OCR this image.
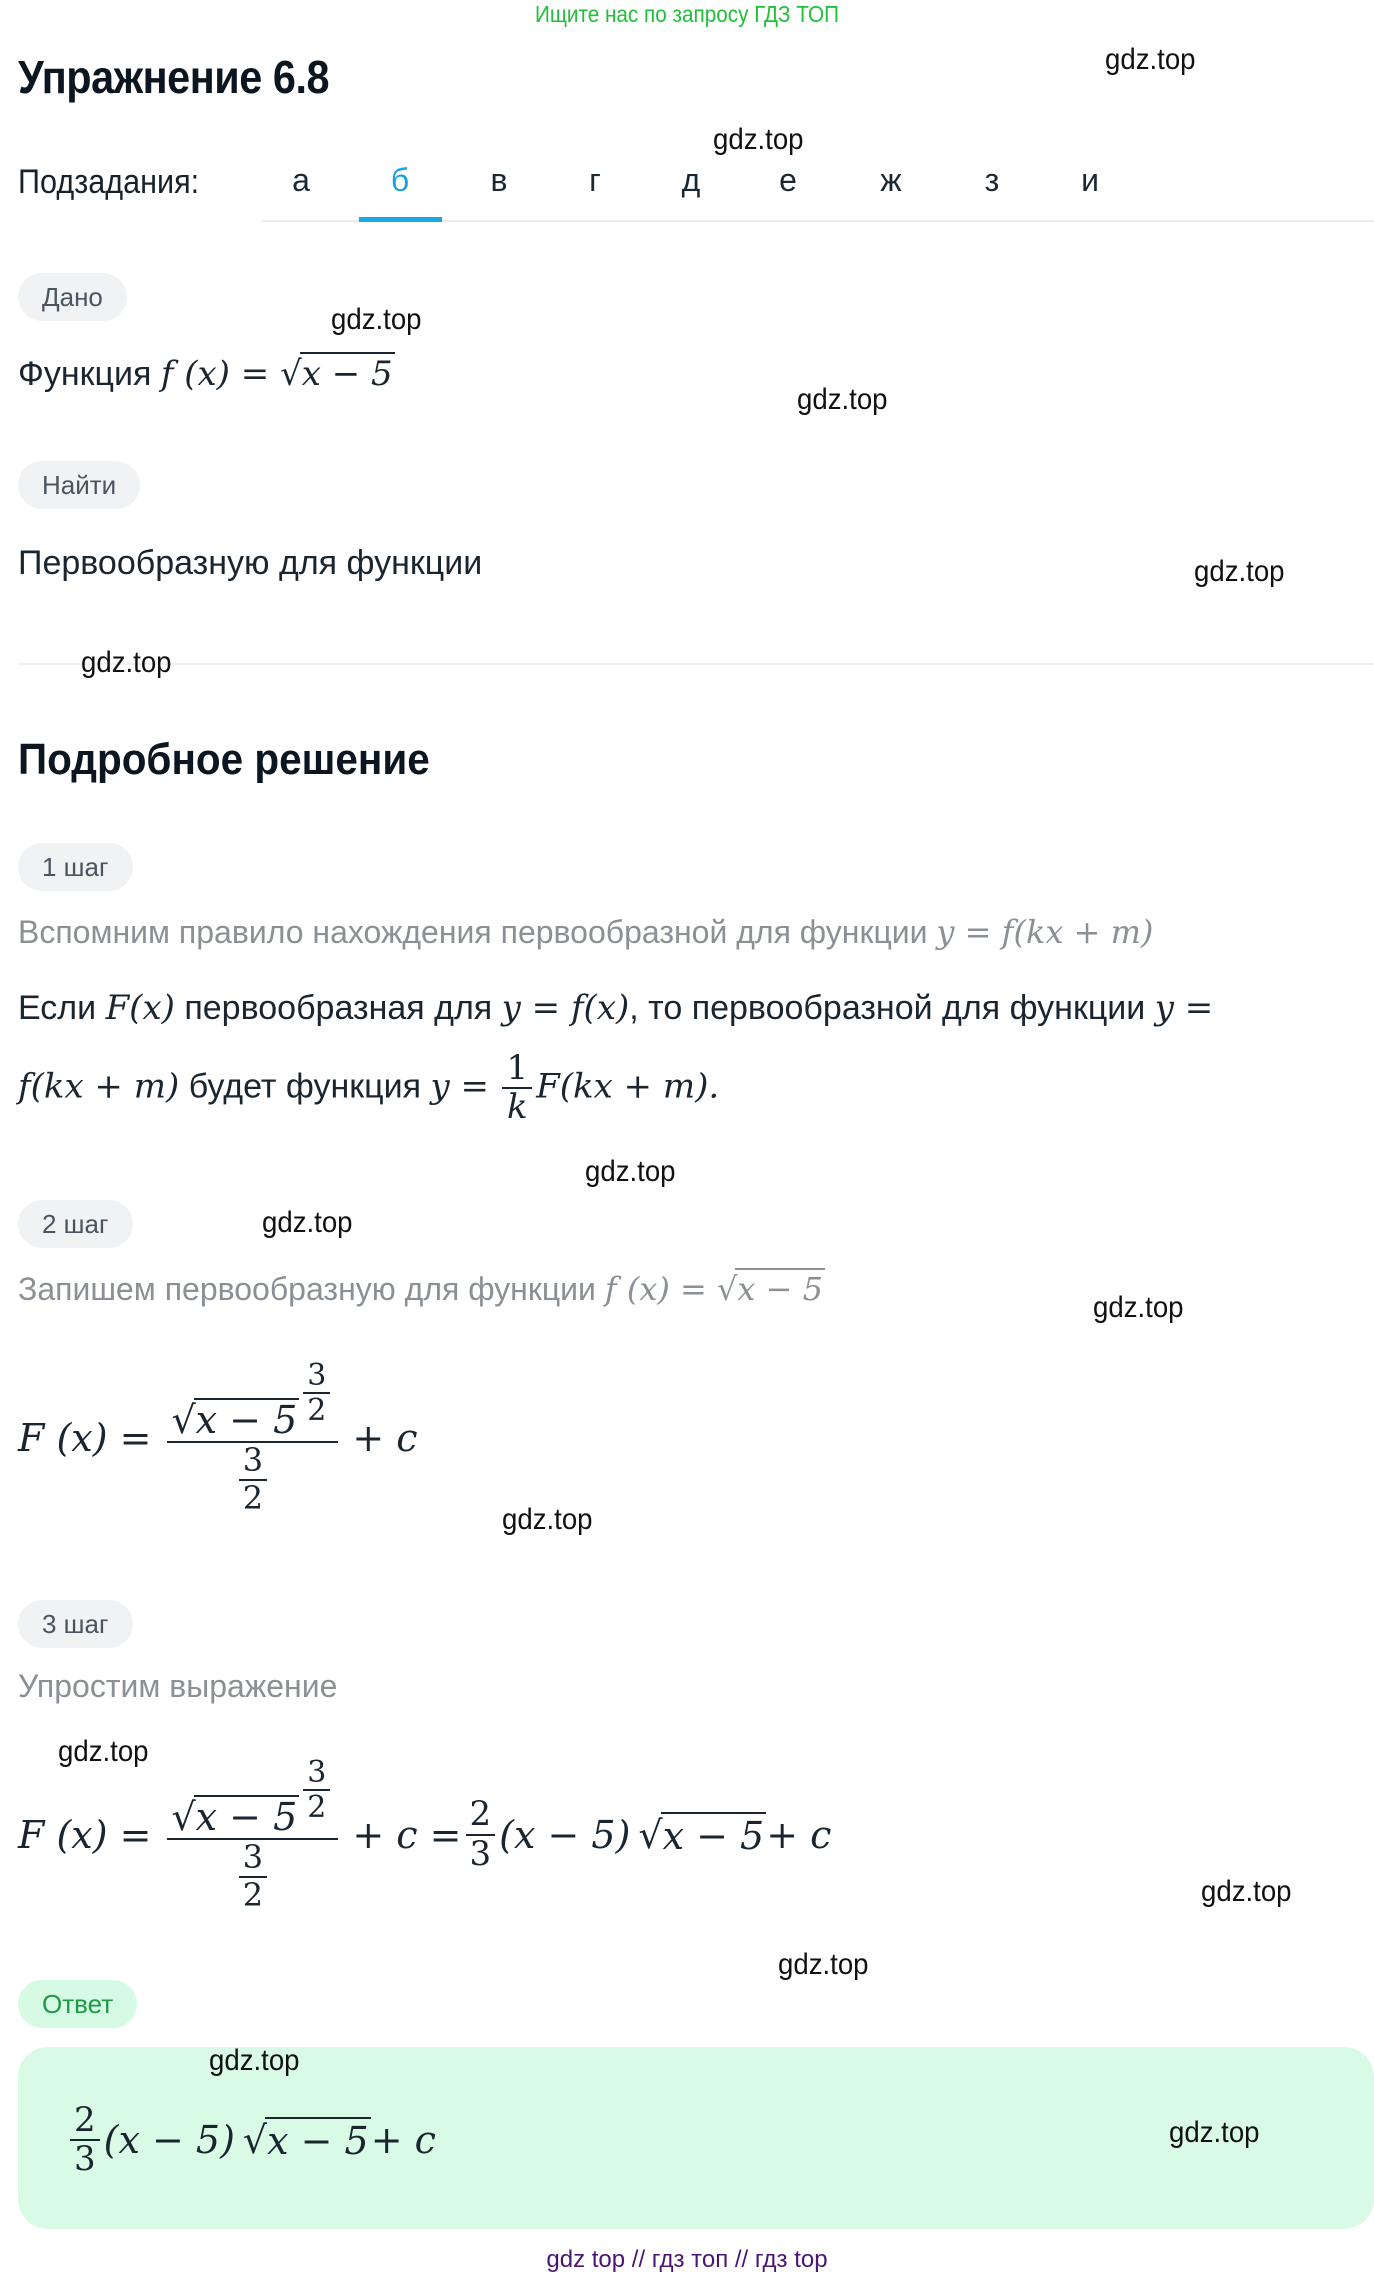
Ищите нас по запросу ГДЗ ТОП
Упражнение 6.8	gdz.top
Подзадания:
gdz.top
а	б	в	г	д	е	ж	з	и
Дано
gdz.top
Функция f (x) = √x − 5
gdz.top
Найти
Первообразную для функции	gdz.top
gdz.top
Подробное решение
1 шаг
Вспомним правило нахождения первообразной для функции y = f(kx + m)
Если F(x) первообразная для y = f(x), то первообразной для функции y =
f(kx + m) будет функция $y = \frac{1}{k} F(kx + m)$.
gdz.top
2 шаг	gdz.top
Запишем первообразную для функции f (x) = √x − 5	gdz.top
F (x) = √ $x - 5 \frac{3}{2}$
3
2 + c
gdz.top
3 шаг
Упростим выражение
gdz.top
F (x) = √ $x - 5 \frac{3}{2}$
3
$2 + c = \frac{2}{3} (x - 5)$ √ x − 5 + c
gdz.top
gdz.top
Ответ
gdz.top
$\frac{2}{3} (x - 5)$ √ x − 5 + c	gdz.top
gdz top // гдз топ // гдз top
